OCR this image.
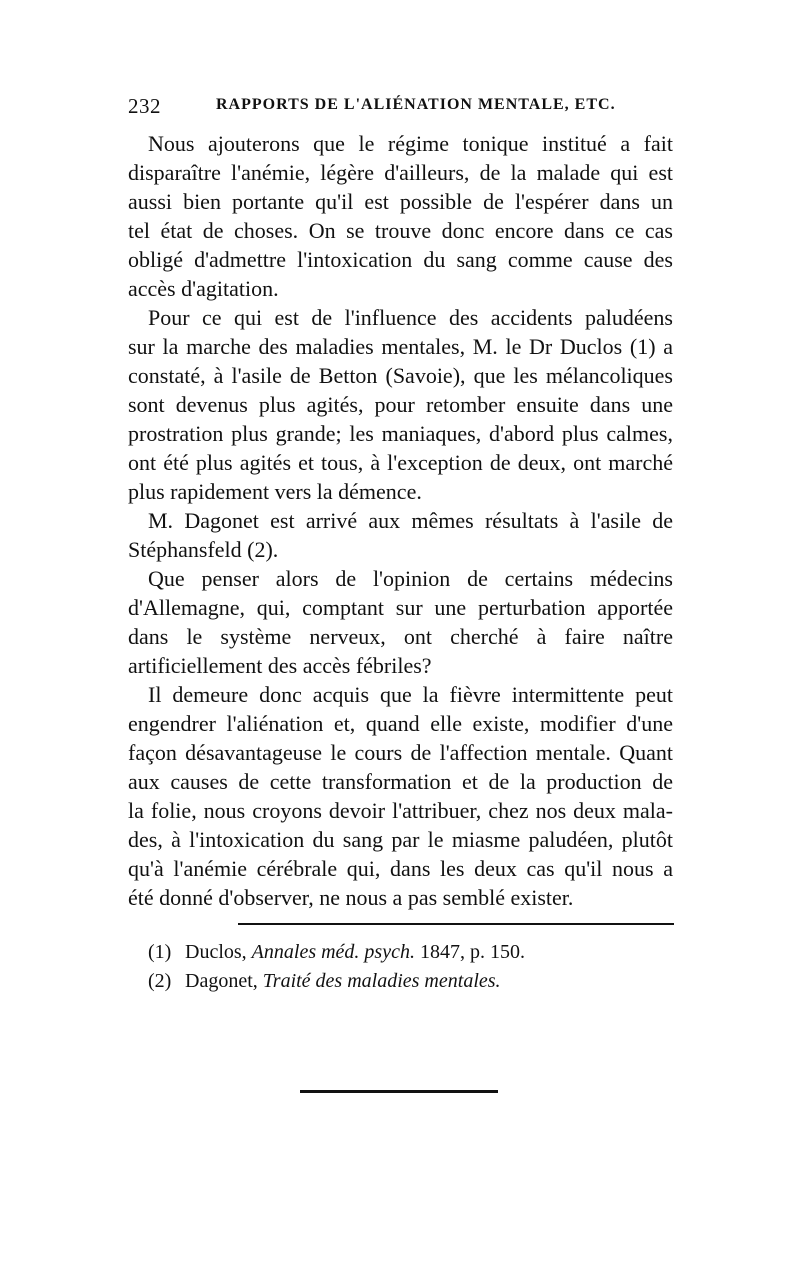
232	RAPPORTS DE L'ALIÉNATION MENTALE, ETC.
Nous ajouterons que le régime tonique institué a fait
disparaître l'anémie, légère d'ailleurs, de la malade qui est
aussi bien portante qu'il est possible de l'espérer dans un
tel état de choses. On se trouve donc encore dans ce cas
obligé d'admettre l'intoxication du sang comme cause des
accès d'agitation.
Pour ce qui est de l'influence des accidents paludéens
sur la marche des maladies mentales, M. le Dr Duclos (1) a
constaté, à l'asile de Betton (Savoie), que les mélancoliques
sont devenus plus agités, pour retomber ensuite dans une
prostration plus grande; les maniaques, d'abord plus calmes,
ont été plus agités et tous, à l'exception de deux, ont marché
plus rapidement vers la démence.
M. Dagonet est arrivé aux mêmes résultats à l'asile de
Stéphansfeld (2).
Que penser alors de l'opinion de certains médecins
d'Allemagne, qui, comptant sur une perturbation apportée
dans le système nerveux, ont cherché à faire naître
artificiellement des accès fébriles?
Il demeure donc acquis que la fièvre intermittente peut
engendrer l'aliénation et, quand elle existe, modifier d'une
façon désavantageuse le cours de l'affection mentale. Quant
aux causes de cette transformation et de la production de
la folie, nous croyons devoir l'attribuer, chez nos deux mala-
des, à l'intoxication du sang par le miasme paludéen, plutôt
qu'à l'anémie cérébrale qui, dans les deux cas qu'il nous a
été donné d'observer, ne nous a pas semblé exister.
(1) Duclos, Annales méd. psych. 1847, p. 150.
(2) Dagonet, Traité des maladies mentales.
